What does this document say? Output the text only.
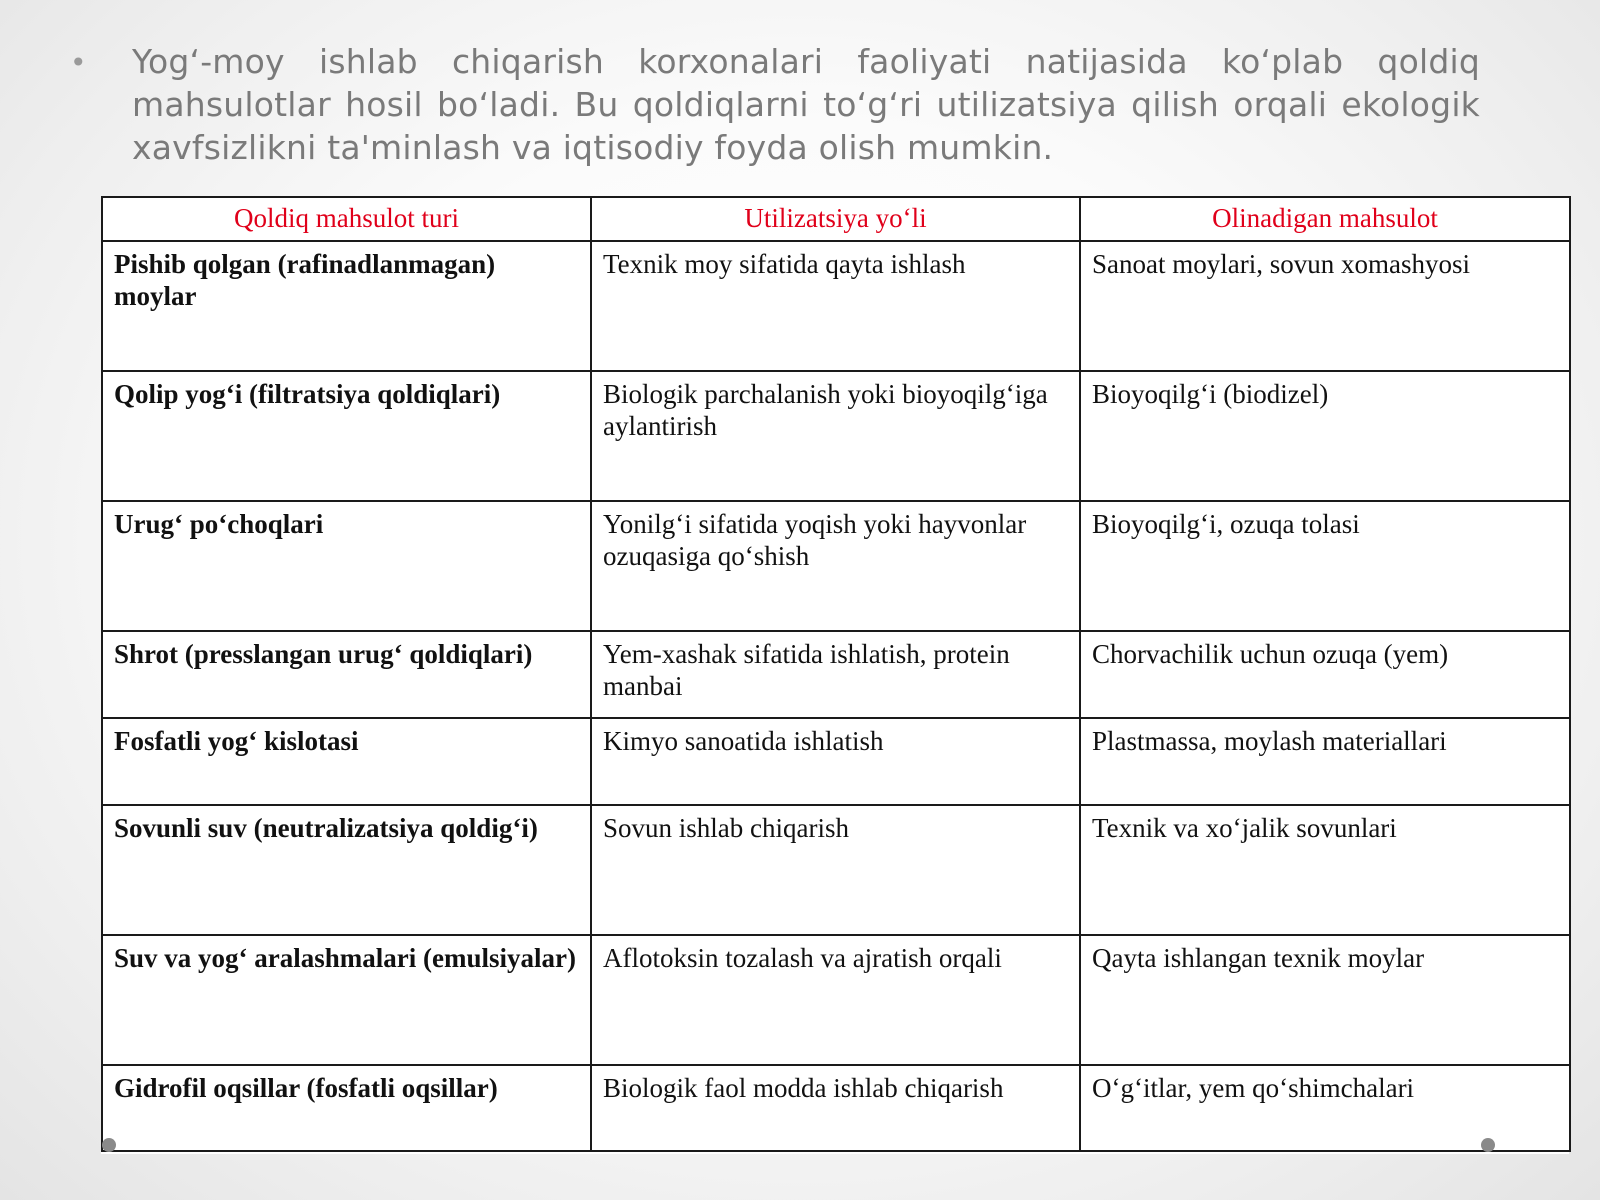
• Yog‘-moy ishlab chiqarish korxonalari faoliyati natijasida ko‘plab qoldiq mahsulotlar hosil bo‘ladi. Bu qoldiqlarni to‘g‘ri utilizatsiya qilish orqali ekologik xavfsizlikni ta'minlash va iqtisodiy foyda olish mumkin.
Qoldiq mahsulot turi	Utilizatsiya yo‘li	Olinadigan mahsulot
Pishib qolgan (rafinadlanmagan) moylar	Texnik moy sifatida qayta ishlash	Sanoat moylari, sovun xomashyosi
Qolip yog‘i (filtratsiya qoldiqlari)	Biologik parchalanish yoki bioyoqilg‘iga aylantirish	Bioyoqilg‘i (biodizel)
Urug‘ po‘choqlari	Yonilg‘i sifatida yoqish yoki hayvonlar ozuqasiga qo‘shish	Bioyoqilg‘i, ozuqa tolasi
Shrot (presslangan urug‘ qoldiqlari)	Yem-xashak sifatida ishlatish, protein manbai	Chorvachilik uchun ozuqa (yem)
Fosfatli yog‘ kislotasi	Kimyo sanoatida ishlatish	Plastmassa, moylash materiallari
Sovunli suv (neutralizatsiya qoldig‘i)	Sovun ishlab chiqarish	Texnik va xo‘jalik sovunlari
Suv va yog‘ aralashmalari (emulsiyalar)	Aflotoksin tozalash va ajratish orqali	Qayta ishlangan texnik moylar
Gidrofil oqsillar (fosfatli oqsillar)	Biologik faol modda ishlab chiqarish	O‘g‘itlar, yem qo‘shimchalari
